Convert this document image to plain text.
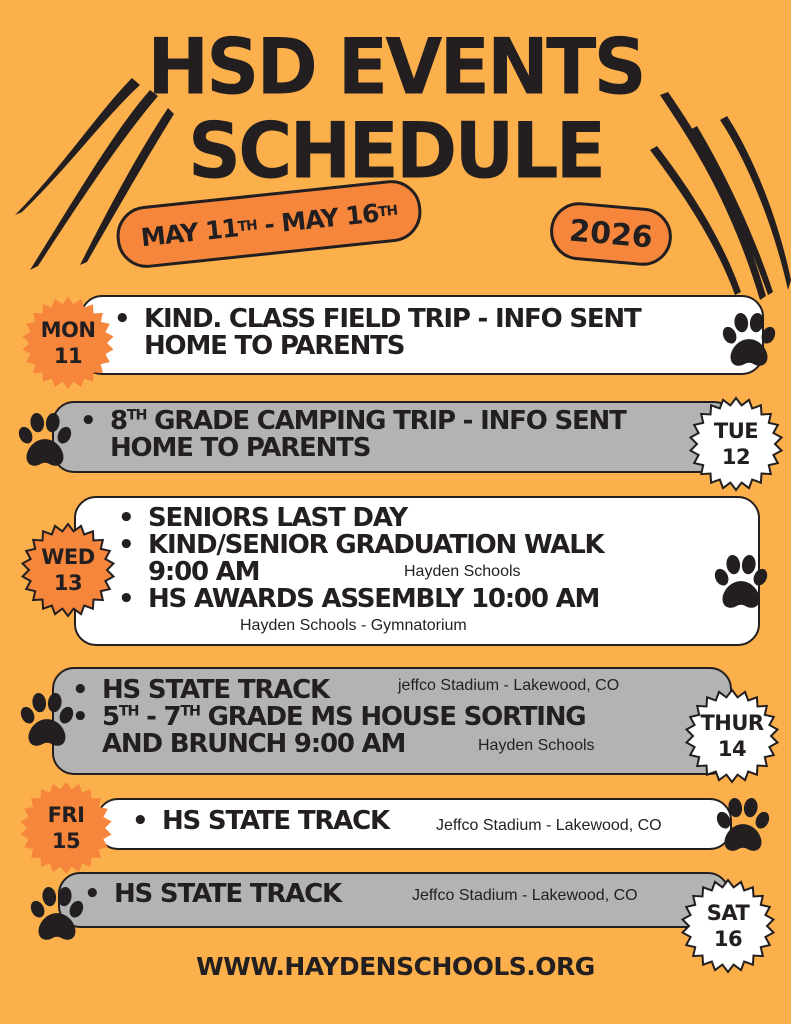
HSD EVENTS
SCHEDULE
MAY 11
TH
-
MAY 16
TH
2026
• KIND. CLASS FIELD TRIP - INFO SENT
HOME TO PARENTS
MON
11
• 8TH GRADE CAMPING TRIP - INFO SENT
HOME TO PARENTS
TUE
12
• SENIORS LAST DAY
• KIND/SENIOR GRADUATION WALK
9:00 AM
• HS AWARDS ASSEMBLY 10:00 AM
Hayden Schools
Hayden Schools - Gymnatorium
WED
13
• HS STATE TRACK
• 5TH - 7TH GRADE MS HOUSE SORTING
AND BRUNCH 9:00 AM
jeffco Stadium - Lakewood, CO
Hayden Schools
THUR
14
• HS STATE TRACK	Jeffco Stadium - Lakewood, CO
FRI
15
• HS STATE TRACK	Jeffco Stadium - Lakewood, CO
SAT
16
WWW.HAYDENSCHOOLS.ORG
